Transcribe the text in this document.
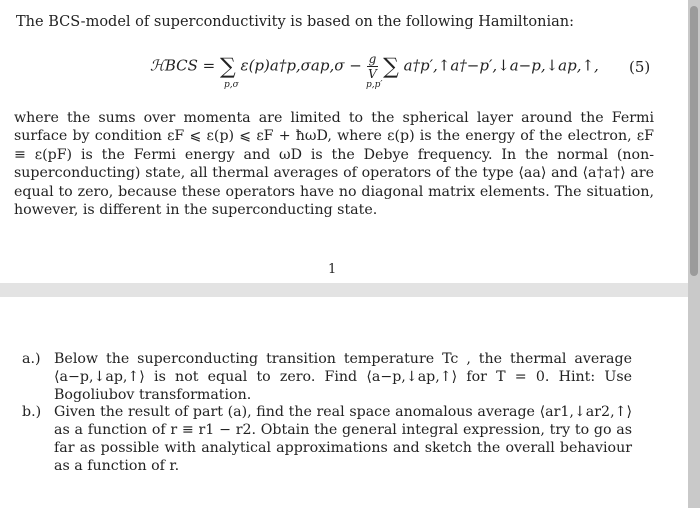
The BCS-model of superconductivity is based on the following Hamiltonian:
ℋBCS = ∑ ε(p)a†p,σap,σ − $\frac{g}{V}$ ∑ a†p′,↑a†−p′,↓a−p,↓ap,↑,
p,σ	p,p′
(5)
where the sums over momenta are limited to the spherical layer around the Fermi surface by condition εF ⩽ ε(p) ⩽ εF + ħωD, where ε(p) is the energy of the electron, εF ≡ ε(pF) is the Fermi energy and ωD is the Debye frequency. In the normal (non-superconducting) state, all thermal averages of operators of the type ⟨aa⟩ and ⟨a†a†⟩ are equal to zero, because these operators have no diagonal matrix elements. The situation, however, is different in the superconducting state.
1
a.) Below the superconducting transition temperature Tc , the thermal average ⟨a−p,↓ap,↑⟩ is not equal to zero. Find ⟨a−p,↓ap,↑⟩ for T = 0. Hint: Use Bogoliubov transformation.
b.) Given the result of part (a), find the real space anomalous average ⟨ar1,↓ar2,↑⟩ as a function of r ≡ r1 − r2. Obtain the general integral expression, try to go as far as possible with analytical approximations and sketch the overall behaviour as a function of r.
